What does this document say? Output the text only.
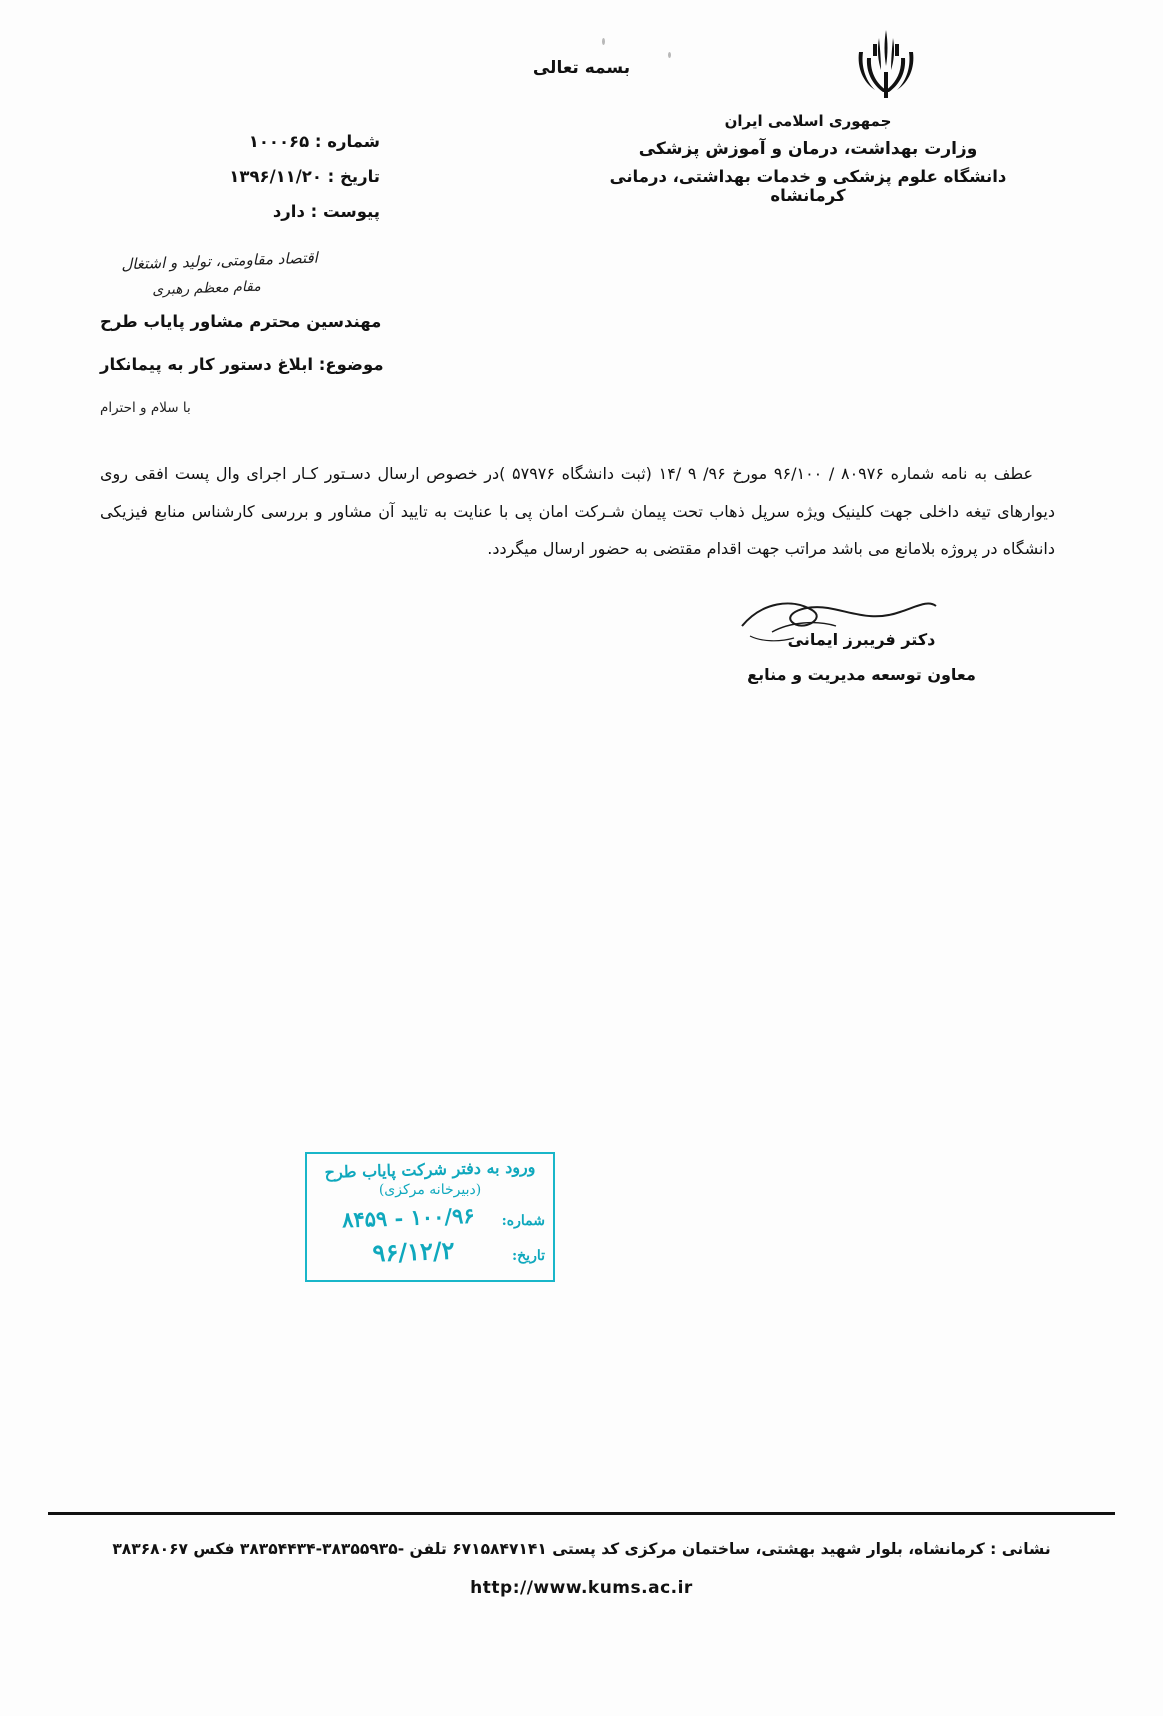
بسمه تعالی
جمهوری اسلامی ایران
وزارت بهداشت، درمان و آموزش پزشکی
دانشگاه علوم پزشکی و خدمات بهداشتی، درمانی کرمانشاه
شماره : ۱۰۰۰۶۵
تاریخ : ۱۳۹۶/۱۱/۲۰
پیوست : دارد
اقتصاد مقاومتی، تولید و اشتغال
مقام معظم رهبری
مهندسین محترم مشاور پایاب طرح
موضوع: ابلاغ دستور کار به پیمانکار
با سلام و احترام
عطف به نامه شماره ۸۰۹۷۶ / ۹۶/۱۰۰ مورخ ۹۶/ ۹ /۱۴ (ثبت دانشگاه ۵۷۹۷۶ )در خصوص ارسال دسـتور کـار اجرای وال پست افقی روی دیوارهای تیغه داخلی جهت کلینیک ویژه سرپل ذهاب تحت پیمان شـرکت امان پی با عنایت به تایید آن مشاور و بررسی کارشناس منابع فیزیکی دانشگاه در پروژه بلامانع می باشد مراتب جهت اقدام مقتضی به حضور ارسال میگردد.
دکتر فریبرز ایمانی
معاون توسعه مدیریت و منابع
ورود به دفتر شرکت پایاب طرح
(دبیرخانه مرکزی)
شماره:
۱۰۰/۹۶ - ۸۴۵۹
تاریخ:
۹۶/۱۲/۲
نشانی : کرمانشاه، بلوار شهید بهشتی، ساختمان مرکزی کد پستی ۶۷۱۵۸۴۷۱۴۱ تلفن -۳۸۳۵۵۹۳۵-۳۸۳۵۴۴۳۴ فکس ۳۸۳۶۸۰۶۷
http://www.kums.ac.ir
